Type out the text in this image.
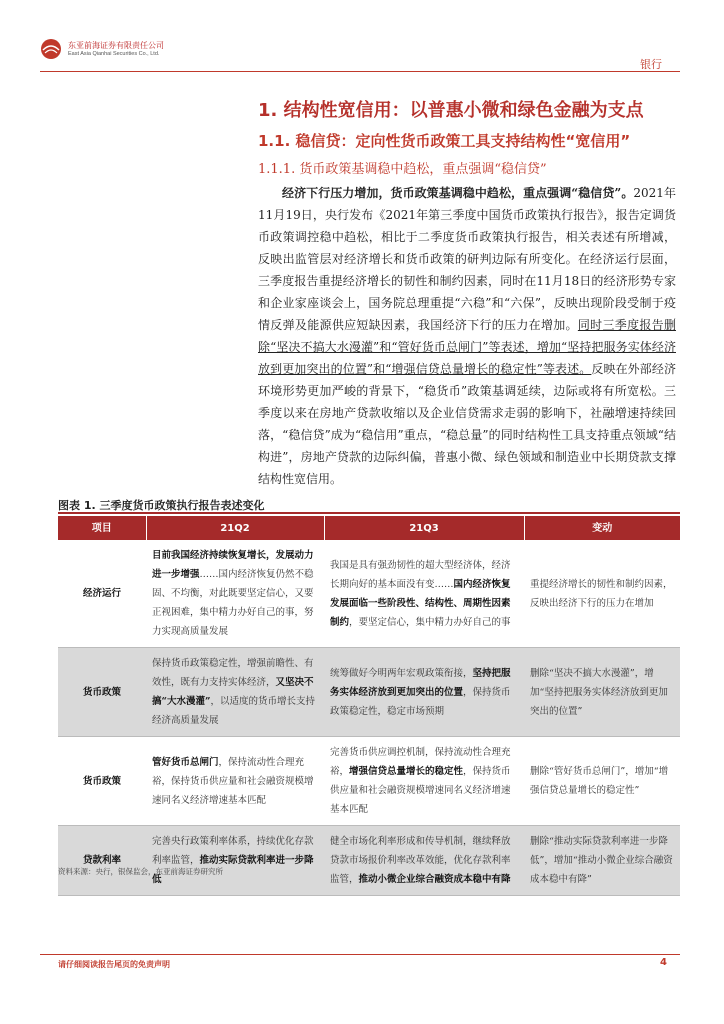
东亚前海证券有限责任公司
East Asia Qianhai Securities Co., Ltd.
银行
1. 结构性宽信用：以普惠小微和绿色金融为支点
1.1. 稳信贷：定向性货币政策工具支持结构性“宽信用”
1.1.1. 货币政策基调稳中趋松，重点强调“稳信贷”

经济下行压力增加，货币政策基调稳中趋松，重点强调“稳信贷”。2021年11月19日，央行发布《2021年第三季度中国货币政策执行报告》，报告定调货币政策调控稳中趋松，相比于二季度货币政策执行报告，相关表述有所增减，反映出监管层对经济增长和货币政策的研判边际有所变化。在经济运行层面，三季度报告重提经济增长的韧性和制约因素，同时在11月18日的经济形势专家和企业家座谈会上，国务院总理重提“六稳”和“六保”，反映出现阶段受制于疫情反弹及能源供应短缺因素，我国经济下行的压力在增加。同时三季度报告删除“坚决不搞大水漫灌”和“管好货币总闸门”等表述，增加“坚持把服务实体经济放到更加突出的位置”和“增强信贷总量增长的稳定性”等表述。反映在外部经济环境形势更加严峻的背景下，“稳货币”政策基调延续，边际或将有所宽松。三季度以来在房地产贷款收缩以及企业信贷需求走弱的影响下，社融增速持续回落，“稳信贷”成为“稳信用”重点，“稳总量”的同时结构性工具支持重点领域“结构进”，房地产贷款的边际纠偏，普惠小微、绿色领域和制造业中长期贷款支撑结构性宽信用。

图表 1. 三季度货币政策执行报告表述变化
项目	21Q2	21Q3	变动
经济运行	目前我国经济持续恢复增长，发展动力进一步增强……国内经济恢复仍然不稳固、不均衡，对此既要坚定信心，又要正视困难，集中精力办好自己的事，努力实现高质量发展	我国是具有强劲韧性的超大型经济体，经济长期向好的基本面没有变……国内经济恢复发展面临一些阶段性、结构性、周期性因素制约，要坚定信心，集中精力办好自己的事	重提经济增长的韧性和制约因素，反映出经济下行的压力在增加
货币政策	保持货币政策稳定性，增强前瞻性、有效性，既有力支持实体经济，又坚决不搞“大水漫灌”，以适度的货币增长支持经济高质量发展	统筹做好今明两年宏观政策衔接，坚持把服务实体经济放到更加突出的位置，保持货币政策稳定性，稳定市场预期	删除“坚决不搞大水漫灌”，增加“坚持把服务实体经济放到更加突出的位置”
货币政策	管好货币总闸门，保持流动性合理充裕，保持货币供应量和社会融资规模增速同名义经济增速基本匹配	完善货币供应调控机制，保持流动性合理充裕，增强信贷总量增长的稳定性，保持货币供应量和社会融资规模增速同名义经济增速基本匹配	删除“管好货币总闸门”，增加“增强信贷总量增长的稳定性”
贷款利率	完善央行政策利率体系，持续优化存款利率监管，推动实际贷款利率进一步降低	健全市场化利率形成和传导机制，继续释放贷款市场报价利率改革效能，优化存款利率监管，推动小微企业综合融资成本稳中有降	删除“推动实际贷款利率进一步降低”，增加“推动小微企业综合融资成本稳中有降”
资料来源：央行，银保监会，东亚前海证券研究所
请仔细阅读报告尾页的免责声明	4
